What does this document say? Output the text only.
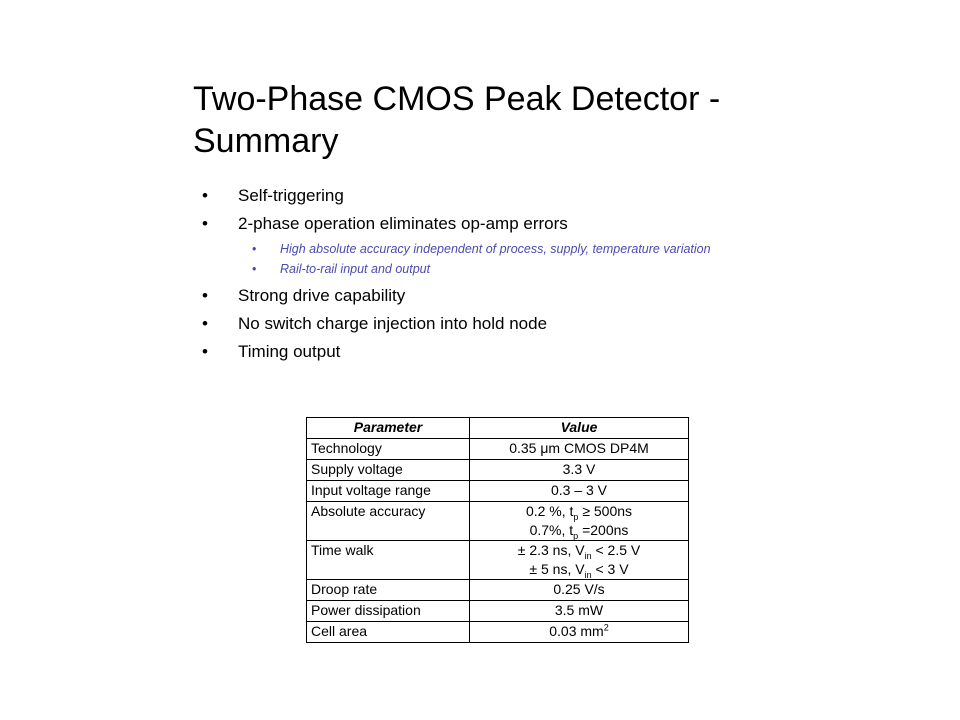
Two-Phase CMOS Peak Detector - Summary
• Self-triggering
• 2-phase operation eliminates op-amp errors
• High absolute accuracy independent of process, supply, temperature variation
• Rail-to-rail input and output
• Strong drive capability
• No switch charge injection into hold node
• Timing output
Parameter	Value
Technology	0.35 μm CMOS DP4M
Supply voltage	3.3 V
Input voltage range	0.3 – 3 V
Absolute accuracy	0.2 %, $t_p \ge 500ns$
0.7%, $t_p =200ns$

Time walk	± 2.3 ns, $V_{in} < 2.5$ V
± 5 ns, $V_{in} < 3$ V

Droop rate	0.25 V/s
Power dissipation	3.5 mW
Cell area	0.03 $mm^2$
